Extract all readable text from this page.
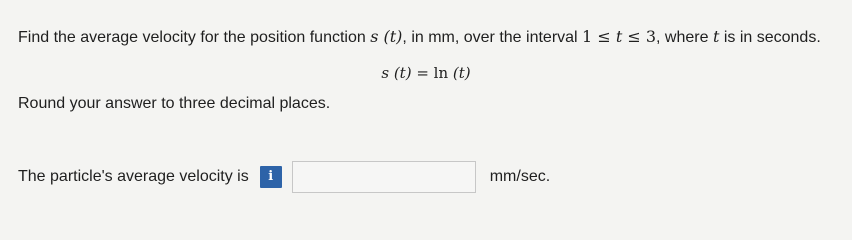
Find the average velocity for the position function s (t), in mm, over the interval 1 ≤ t ≤ 3, where t is in seconds.
s (t) = ln (t)
Round your answer to three decimal places.
The particle's average velocity is	i	mm/sec.
